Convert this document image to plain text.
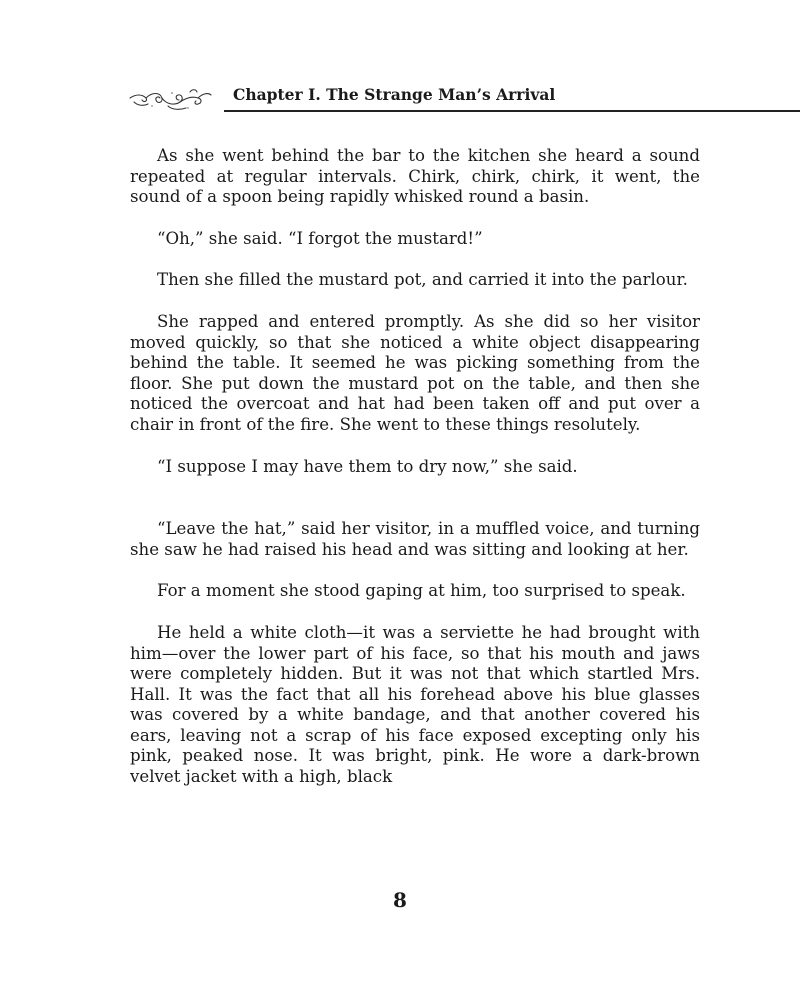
Chapter I. The Strange Man’s Arrival

As she went behind the bar to the kitchen she heard a sound repeated at regular intervals. Chirk, chirk, chirk, it went, the sound of a spoon being rapidly whisked round a basin.

“Oh,” she said. “I forgot the mustard!”

Then she filled the mustard pot, and carried it into the parlour.

She rapped and entered promptly. As she did so her visitor moved quickly, so that she noticed a white object disappearing behind the table. It seemed he was picking something from the floor. She put down the mustard pot on the table, and then she noticed the overcoat and hat had been taken off and put over a chair in front of the fire. She went to these things resolutely.

“I suppose I may have them to dry now,” she said.

“Leave the hat,” said her visitor, in a muffled voice, and turning she saw he had raised his head and was sitting and looking at her.

For a moment she stood gaping at him, too surprised to speak.

He held a white cloth—it was a serviette he had brought with him—over the lower part of his face, so that his mouth and jaws were completely hidden. But it was not that which startled Mrs. Hall. It was the fact that all his forehead above his blue glasses was covered by a white bandage, and that another covered his ears, leaving not a scrap of his face exposed excepting only his pink, peaked nose. It was bright, pink. He wore a dark-brown velvet jacket with a high, black

8
